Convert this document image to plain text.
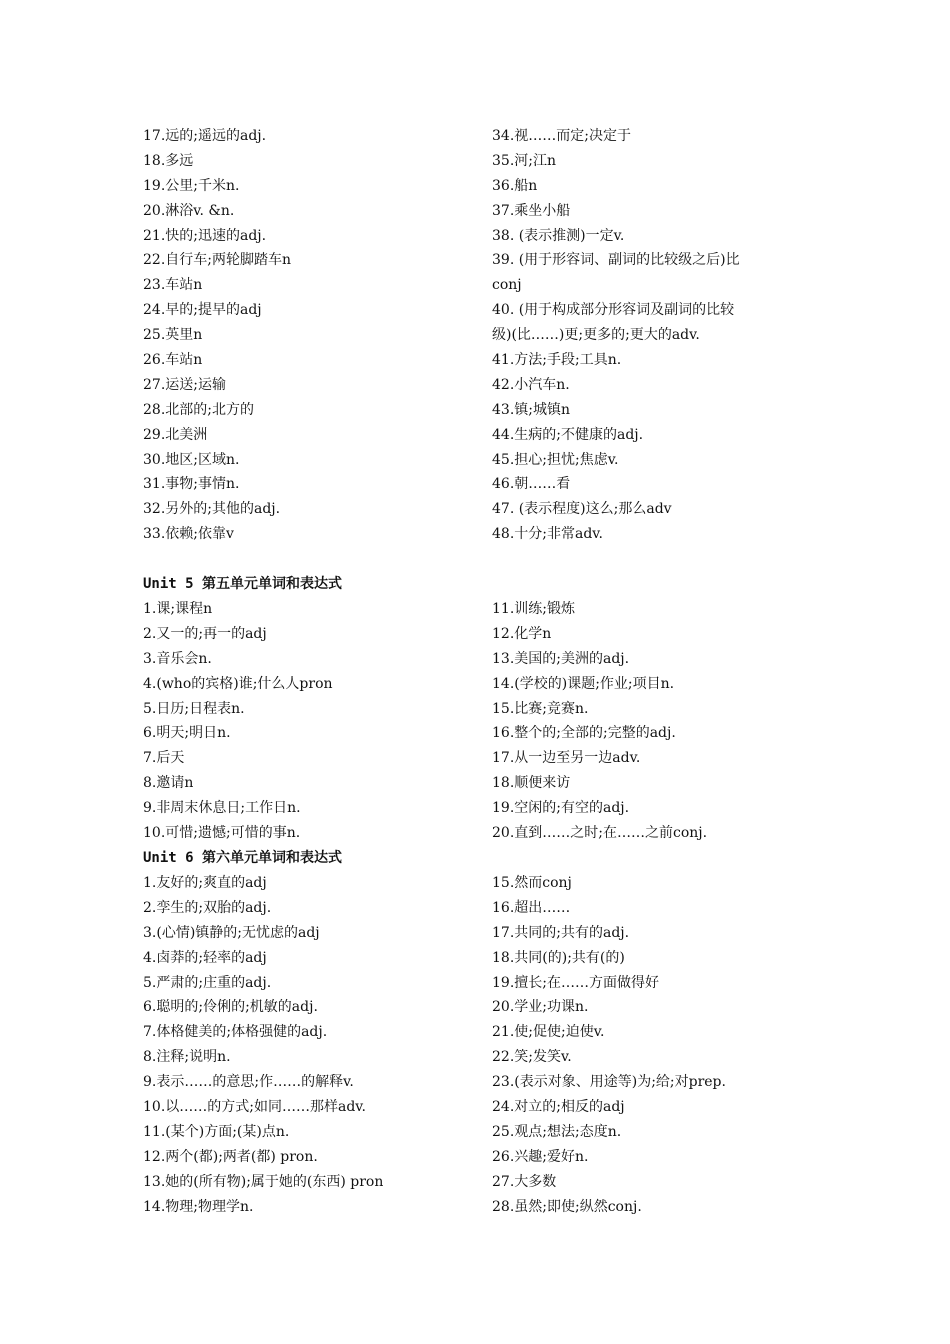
17.远的;遥远的adj.
18.多远
19.公里;千米n.
20.淋浴v. &n.
21.快的;迅速的adj.
22.自行车;两轮脚踏车n
23.车站n
24.早的;提早的adj
25.英里n
26.车站n
27.运送;运输
28.北部的;北方的
29.北美洲
30.地区;区域n.
31.事物;事情n.
32.另外的;其他的adj.
33.依赖;依靠v
34.视……而定;决定于
35.河;江n
36.船n
37.乘坐小船
38. (表示推测)一定v.
39. (用于形容词、副词的比较级之后)比
conj
40. (用于构成部分形容词及副词的比较
级)(比……)更;更多的;更大的adv.
41.方法;手段;工具n.
42.小汽车n.
43.镇;城镇n
44.生病的;不健康的adj.
45.担心;担忧;焦虑v.
46.朝……看
47. (表示程度)这么;那么adv
48.十分;非常adv.
Unit 5 第五单元单词和表达式
1.课;课程n
2.又一的;再一的adj
3.音乐会n.
4.(who的宾格)谁;什么人pron
5.日历;日程表n.
6.明天;明日n.
7.后天
8.邀请n
9.非周末休息日;工作日n.
10.可惜;遗憾;可惜的事n.
11.训练;锻炼
12.化学n
13.美国的;美洲的adj.
14.(学校的)课题;作业;项目n.
15.比赛;竞赛n.
16.整个的;全部的;完整的adj.
17.从一边至另一边adv.
18.顺便来访
19.空闲的;有空的adj.
20.直到……之时;在……之前conj.
Unit 6 第六单元单词和表达式
1.友好的;爽直的adj
2.孪生的;双胎的adj.
3.(心情)镇静的;无忧虑的adj
4.卤莽的;轻率的adj
5.严肃的;庄重的adj.
6.聪明的;伶俐的;机敏的adj.
7.体格健美的;体格强健的adj.
8.注释;说明n.
9.表示……的意思;作……的解释v.
10.以……的方式;如同……那样adv.
11.(某个)方面;(某)点n.
12.两个(都);两者(都) pron.
13.她的(所有物);属于她的(东西) pron
14.物理;物理学n.
15.然而conj
16.超出……
17.共同的;共有的adj.
18.共同(的);共有(的)
19.擅长;在……方面做得好
20.学业;功课n.
21.使;促使;迫使v.
22.笑;发笑v.
23.(表示对象、用途等)为;给;对prep.
24.对立的;相反的adj
25.观点;想法;态度n.
26.兴趣;爱好n.
27.大多数
28.虽然;即使;纵然conj.
